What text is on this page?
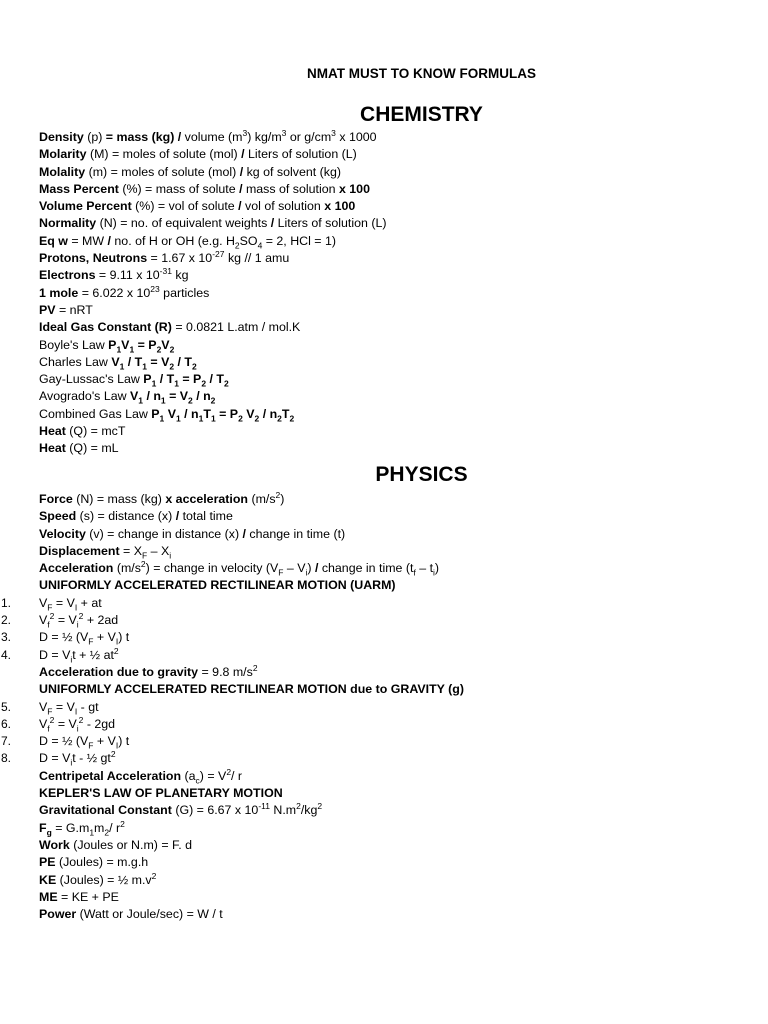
NMAT MUST TO KNOW FORMULAS
CHEMISTRY
Density (p) = mass (kg) / volume $(m^3)$ $kg/m^3$ or $g/cm^3$ x 1000
Molarity (M) = moles of solute (mol) / Liters of solution (L)
Molality (m) = moles of solute (mol) / kg of solvent (kg)
Mass Percent (%) = mass of solute / mass of solution x 100
Volume Percent (%) = vol of solute / vol of solution x 100
Normality (N) = no. of equivalent weights / Liters of solution (L)
Eq w = MW / no. of H or OH (e.g. $H_2SO_4 = 2$, HCl = 1)
Protons, Neutrons = 1.67 x $10^{-27}$ kg // 1 amu
Electrons = 9.11 x $10^{-31}$ kg
1 mole = 6.022 x $10^{23}$ particles
PV = nRT
Ideal Gas Constant (R) = 0.0821 L.atm / mol.K
Boyle's Law $P_1V_1 = P_2V_2$
Charles Law $V_1 / T_1 = V_2 / T_2$
Gay-Lussac's Law $P_1 / T_1 = P_2 / T_2$
Avogrado's Law $V_1 / n_1 = V_2 / n_2$
Combined Gas Law $P_1$ $V_1 / n_1T_1 = P_2$ $V_2 / n_2T_2$
Heat (Q) = mcT
Heat (Q) = mL
PHYSICS
Force (N) = mass (kg) x acceleration $(m/s^2)$
Speed (s) = distance (x) / total time
Velocity (v) = change in distance (x) / change in time (t)
Displacement = $X_F - X_i$
Acceleration $(m/s^2)$ = change in velocity $(V_F - V_i)$ / change in time $(t_f - t_i)$
UNIFORMLY ACCELERATED RECTILINEAR MOTION (UARM)
1. $V_F = V_I$ + at
2. $V_f^2 = V_i^2 + 2ad$
3. D = ½ $(V_F + V_I)$ t
4. $D = V_it$ + ½ $at^2$
Acceleration due to gravity = 9.8 $m/s^2$
UNIFORMLY ACCELERATED RECTILINEAR MOTION due to GRAVITY (g)
5. $V_F = V_I$ - gt
6. $V_f^2 = V_i^2 - 2gd$
7. D = ½ $(V_F + V_I)$ t
8. $D = V_it$ - ½ $gt^2$
Centripetal Acceleration $(a_c) = V^2/$ r
KEPLER'S LAW OF PLANETARY MOTION
Gravitational Constant (G) = 6.67 x $10^{-11}$ $N.m^2/kg^2$
$F_g = G.m_1m_2/$ $r^2$
Work (Joules or N.m) = F. d
PE (Joules) = m.g.h
KE (Joules) = ½ $m.v^2$
ME = KE + PE
Power (Watt or Joule/sec) = W / t
